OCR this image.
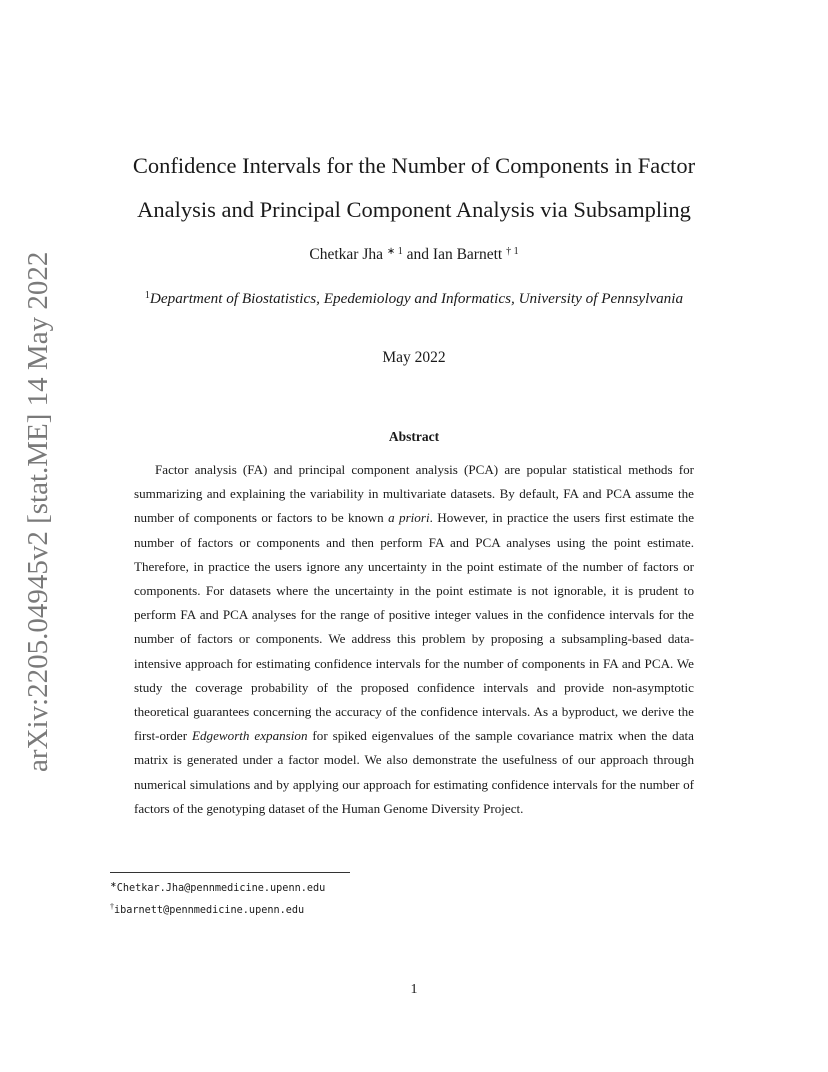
arXiv:2205.04945v2 [stat.ME] 14 May 2022
Confidence Intervals for the Number of Components in Factor
Analysis and Principal Component Analysis via Subsampling
Chetkar Jha $^{∗ 1}$ and Ian Barnett $^{\dagger 1}$
$^1$Department of Biostatistics, Epedemiology and Informatics, University of Pennsylvania
May 2022
Abstract

Factor analysis (FA) and principal component analysis (PCA) are popular statistical methods for summarizing and explaining the variability in multivariate datasets. By default, FA and PCA assume the number of components or factors to be known a priori. However, in practice the users first estimate the number of factors or components and then perform FA and PCA analyses using the point estimate. Therefore, in practice the users ignore any uncertainty in the point estimate of the number of factors or components. For datasets where the uncertainty in the point estimate is not ignorable, it is prudent to perform FA and PCA analyses for the range of positive integer values in the confidence intervals for the number of factors or components. We address this problem by proposing a subsampling-based data-intensive approach for estimating confidence intervals for the number of components in FA and PCA. We study the coverage probability of the proposed confidence intervals and provide non-asymptotic theoretical guarantees concerning the accuracy of the confidence intervals. As a byproduct, we derive the first-order Edgeworth expansion for spiked eigenvalues of the sample covariance matrix when the data matrix is generated under a factor model. We also demonstrate the usefulness of our approach through numerical simulations and by applying our approach for estimating confidence intervals for the number of factors of the genotyping dataset of the Human Genome Diversity Project.

∗Chetkar.Jha@pennmedicine.upenn.edu
†ibarnett@pennmedicine.upenn.edu
1
